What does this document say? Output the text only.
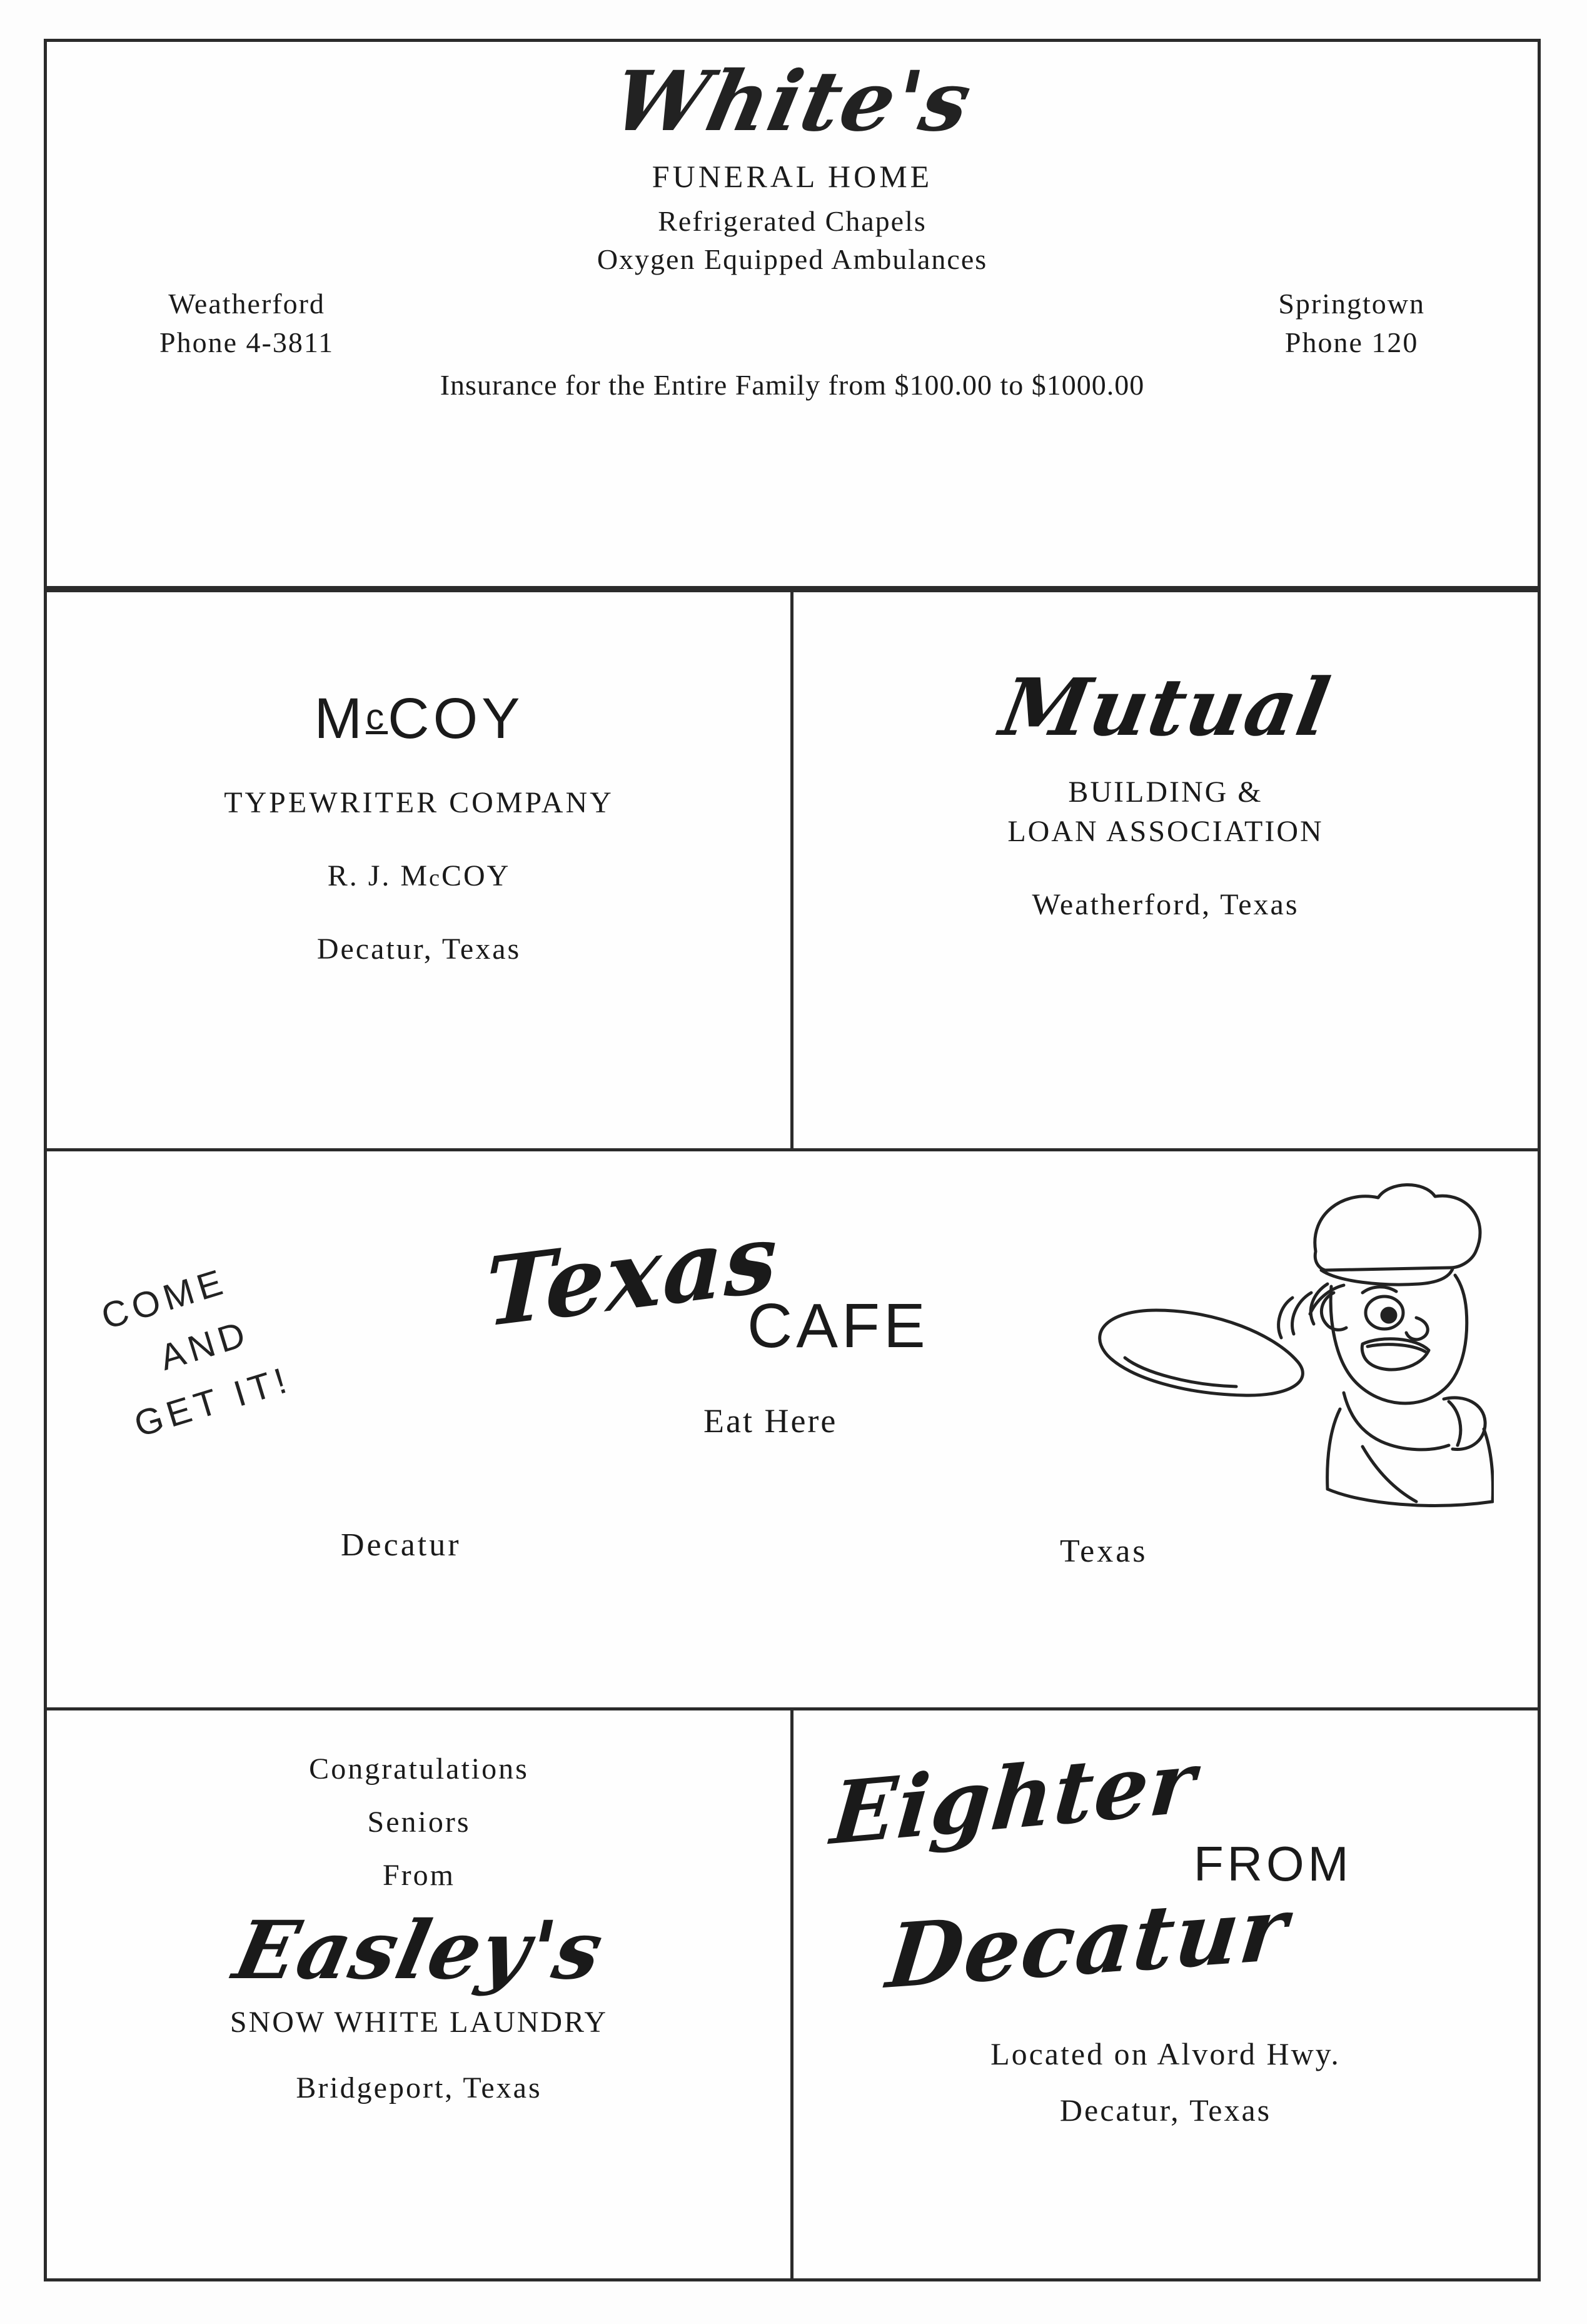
White's
FUNERAL HOME
Refrigerated Chapels
Oxygen Equipped Ambulances
Weatherford
Phone 4-3811
Springtown
Phone 120
Insurance for the Entire Family from $100.00 to $1000.00
McCOY
TYPEWRITER COMPANY
R. J. McCOY
Decatur, Texas
Mutual
BUILDING &
LOAN ASSOCIATION
Weatherford, Texas
COME
AND
GET IT!
Texas
CAFE
Eat Here
Decatur	Texas
Congratulations
Seniors
From
Easley's
SNOW WHITE LAUNDRY
Bridgeport, Texas
Eighter
FROM
Decatur
Located on Alvord Hwy.
Decatur, Texas
